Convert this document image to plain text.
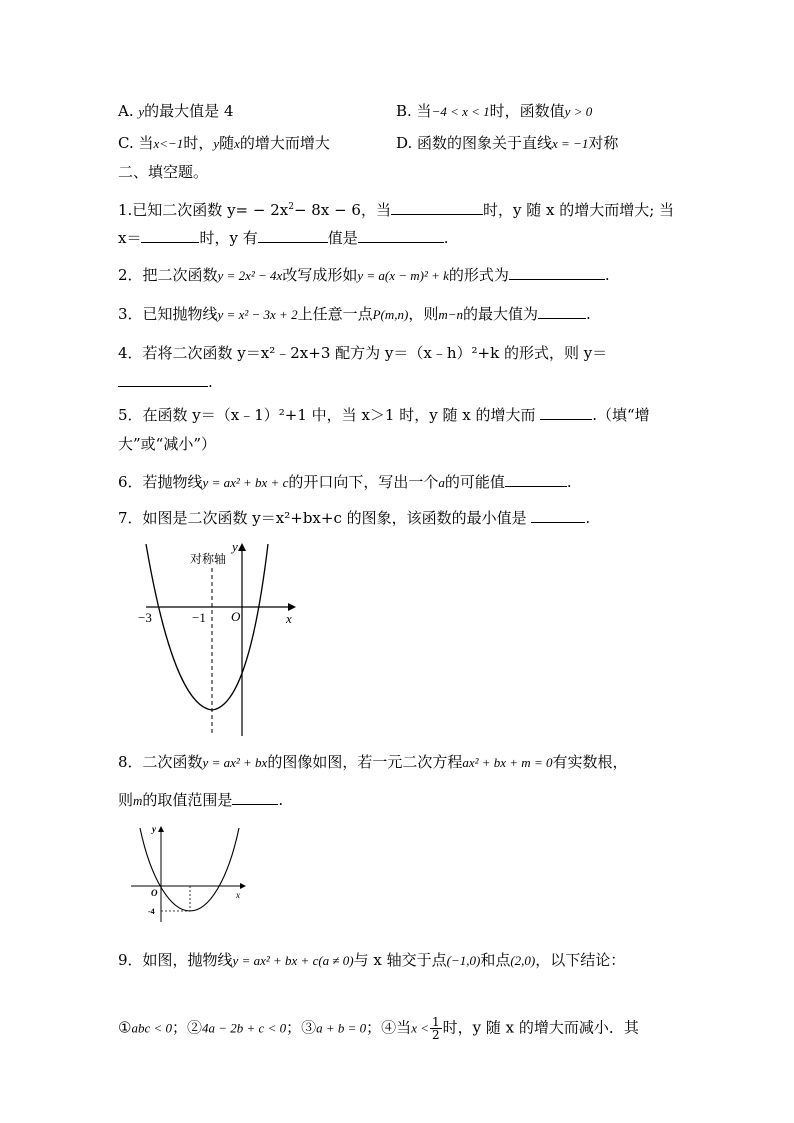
A. y的最大值是 4	B. 当−4 < x < 1时，函数值y > 0
C. 当x<−1时，y随x的增大而增大	D. 函数的图象关于直线x = −1对称
二、填空题。
1.已知二次函数 $y= - 2x^2- 8x - 6$，当	时，y 随 x 的增大而增大; 当
x＝	时，y 有	值是	.
2．把二次函数y = 2x² − 4x改写成形如y = a(x − m)² + k的形式为	.
3．已知抛物线y = x² − 3x + 2上任意一点P(m,n)，则m−n的最大值为	.
4．若将二次函数 y＝x²﹣2x+3 配方为 y＝（x﹣h）²+k 的形式，则 y＝
.
5．在函数 y＝（x﹣1）²+1 中，当 x＞1 时，y 随 x 的增大而	.（填“增
大”或“减小”）
6．若抛物线y = ax² + bx + c的开口向下，写出一个a的可能值	.
7．如图是二次函数 y＝x²+bx+c 的图象，该函数的最小值是	.
对称轴
y
x
O
−3	−1
8．二次函数y = ax² + bx的图像如图，若一元二次方程ax² + bx + m = 0有实数根，
则m的取值范围是	.
y
x
O
-4
9．如图，抛物线y = ax² + bx + c(a ≠ 0)与 x 轴交于点(−1,0)和点(2,0)，以下结论：
①abc < 0；②4a − 2b + c < 0；③a + b = 0；④当$x < \frac{1}{2}$ 时，y 随 x 的增大而减小．其
